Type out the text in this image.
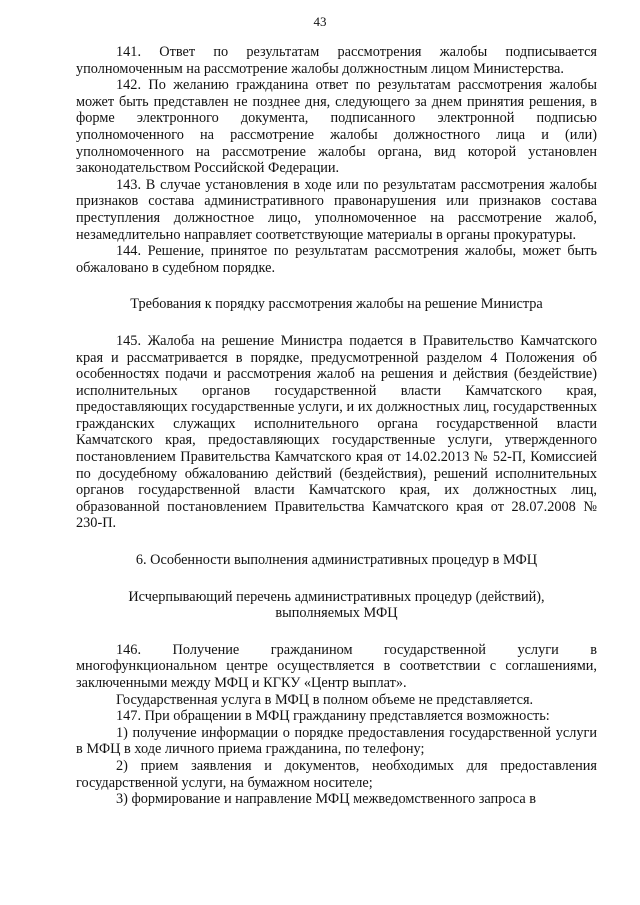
43

141. Ответ по результатам рассмотрения жалобы подписывается уполномоченным на рассмотрение жалобы должностным лицом Министерства.

142. По желанию гражданина ответ по результатам рассмотрения жалобы может быть представлен не позднее дня, следующего за днем принятия решения, в форме электронного документа, подписанного электронной подписью уполномоченного на рассмотрение жалобы должностного лица и (или) уполномоченного на рассмотрение жалобы органа, вид которой установлен законодательством Российской Федерации.

143. В случае установления в ходе или по результатам рассмотрения жалобы признаков состава административного правонарушения или признаков состава преступления должностное лицо, уполномоченное на рассмотрение жалоб, незамедлительно направляет соответствующие материалы в органы прокуратуры.

144. Решение, принятое по результатам рассмотрения жалобы, может быть обжаловано в судебном порядке.

Требования к порядку рассмотрения жалобы на решение Министра

145. Жалоба на решение Министра подается в Правительство Камчатского края и рассматривается в порядке, предусмотренной разделом 4 Положения об особенностях подачи и рассмотрения жалоб на решения и действия (бездействие) исполнительных органов государственной власти Камчатского края, предоставляющих государственные услуги, и их должностных лиц, государственных гражданских служащих исполнительного органа государственной власти Камчатского края, предоставляющих государственные услуги, утвержденного постановлением Правительства Камчатского края от 14.02.2013 № 52-П, Комиссией по досудебному обжалованию действий (бездействия), решений исполнительных органов государственной власти Камчатского края, их должностных лиц, образованной постановлением Правительства Камчатского края от 28.07.2008 № 230-П.

6. Особенности выполнения административных процедур в МФЦ
Исчерпывающий перечень административных процедур (действий),
выполняемых МФЦ

146. Получение гражданином государственной услуги в многофункциональном центре осуществляется в соответствии с соглашениями, заключенными между МФЦ и КГКУ «Центр выплат».

Государственная услуга в МФЦ в полном объеме не представляется.

147. При обращении в МФЦ гражданину представляется возможность:

1) получение информации о порядке предоставления государственной услуги в МФЦ в ходе личного приема гражданина, по телефону;

2) прием заявления и документов, необходимых для предоставления государственной услуги, на бумажном носителе;

3) формирование и направление МФЦ межведомственного запроса в
